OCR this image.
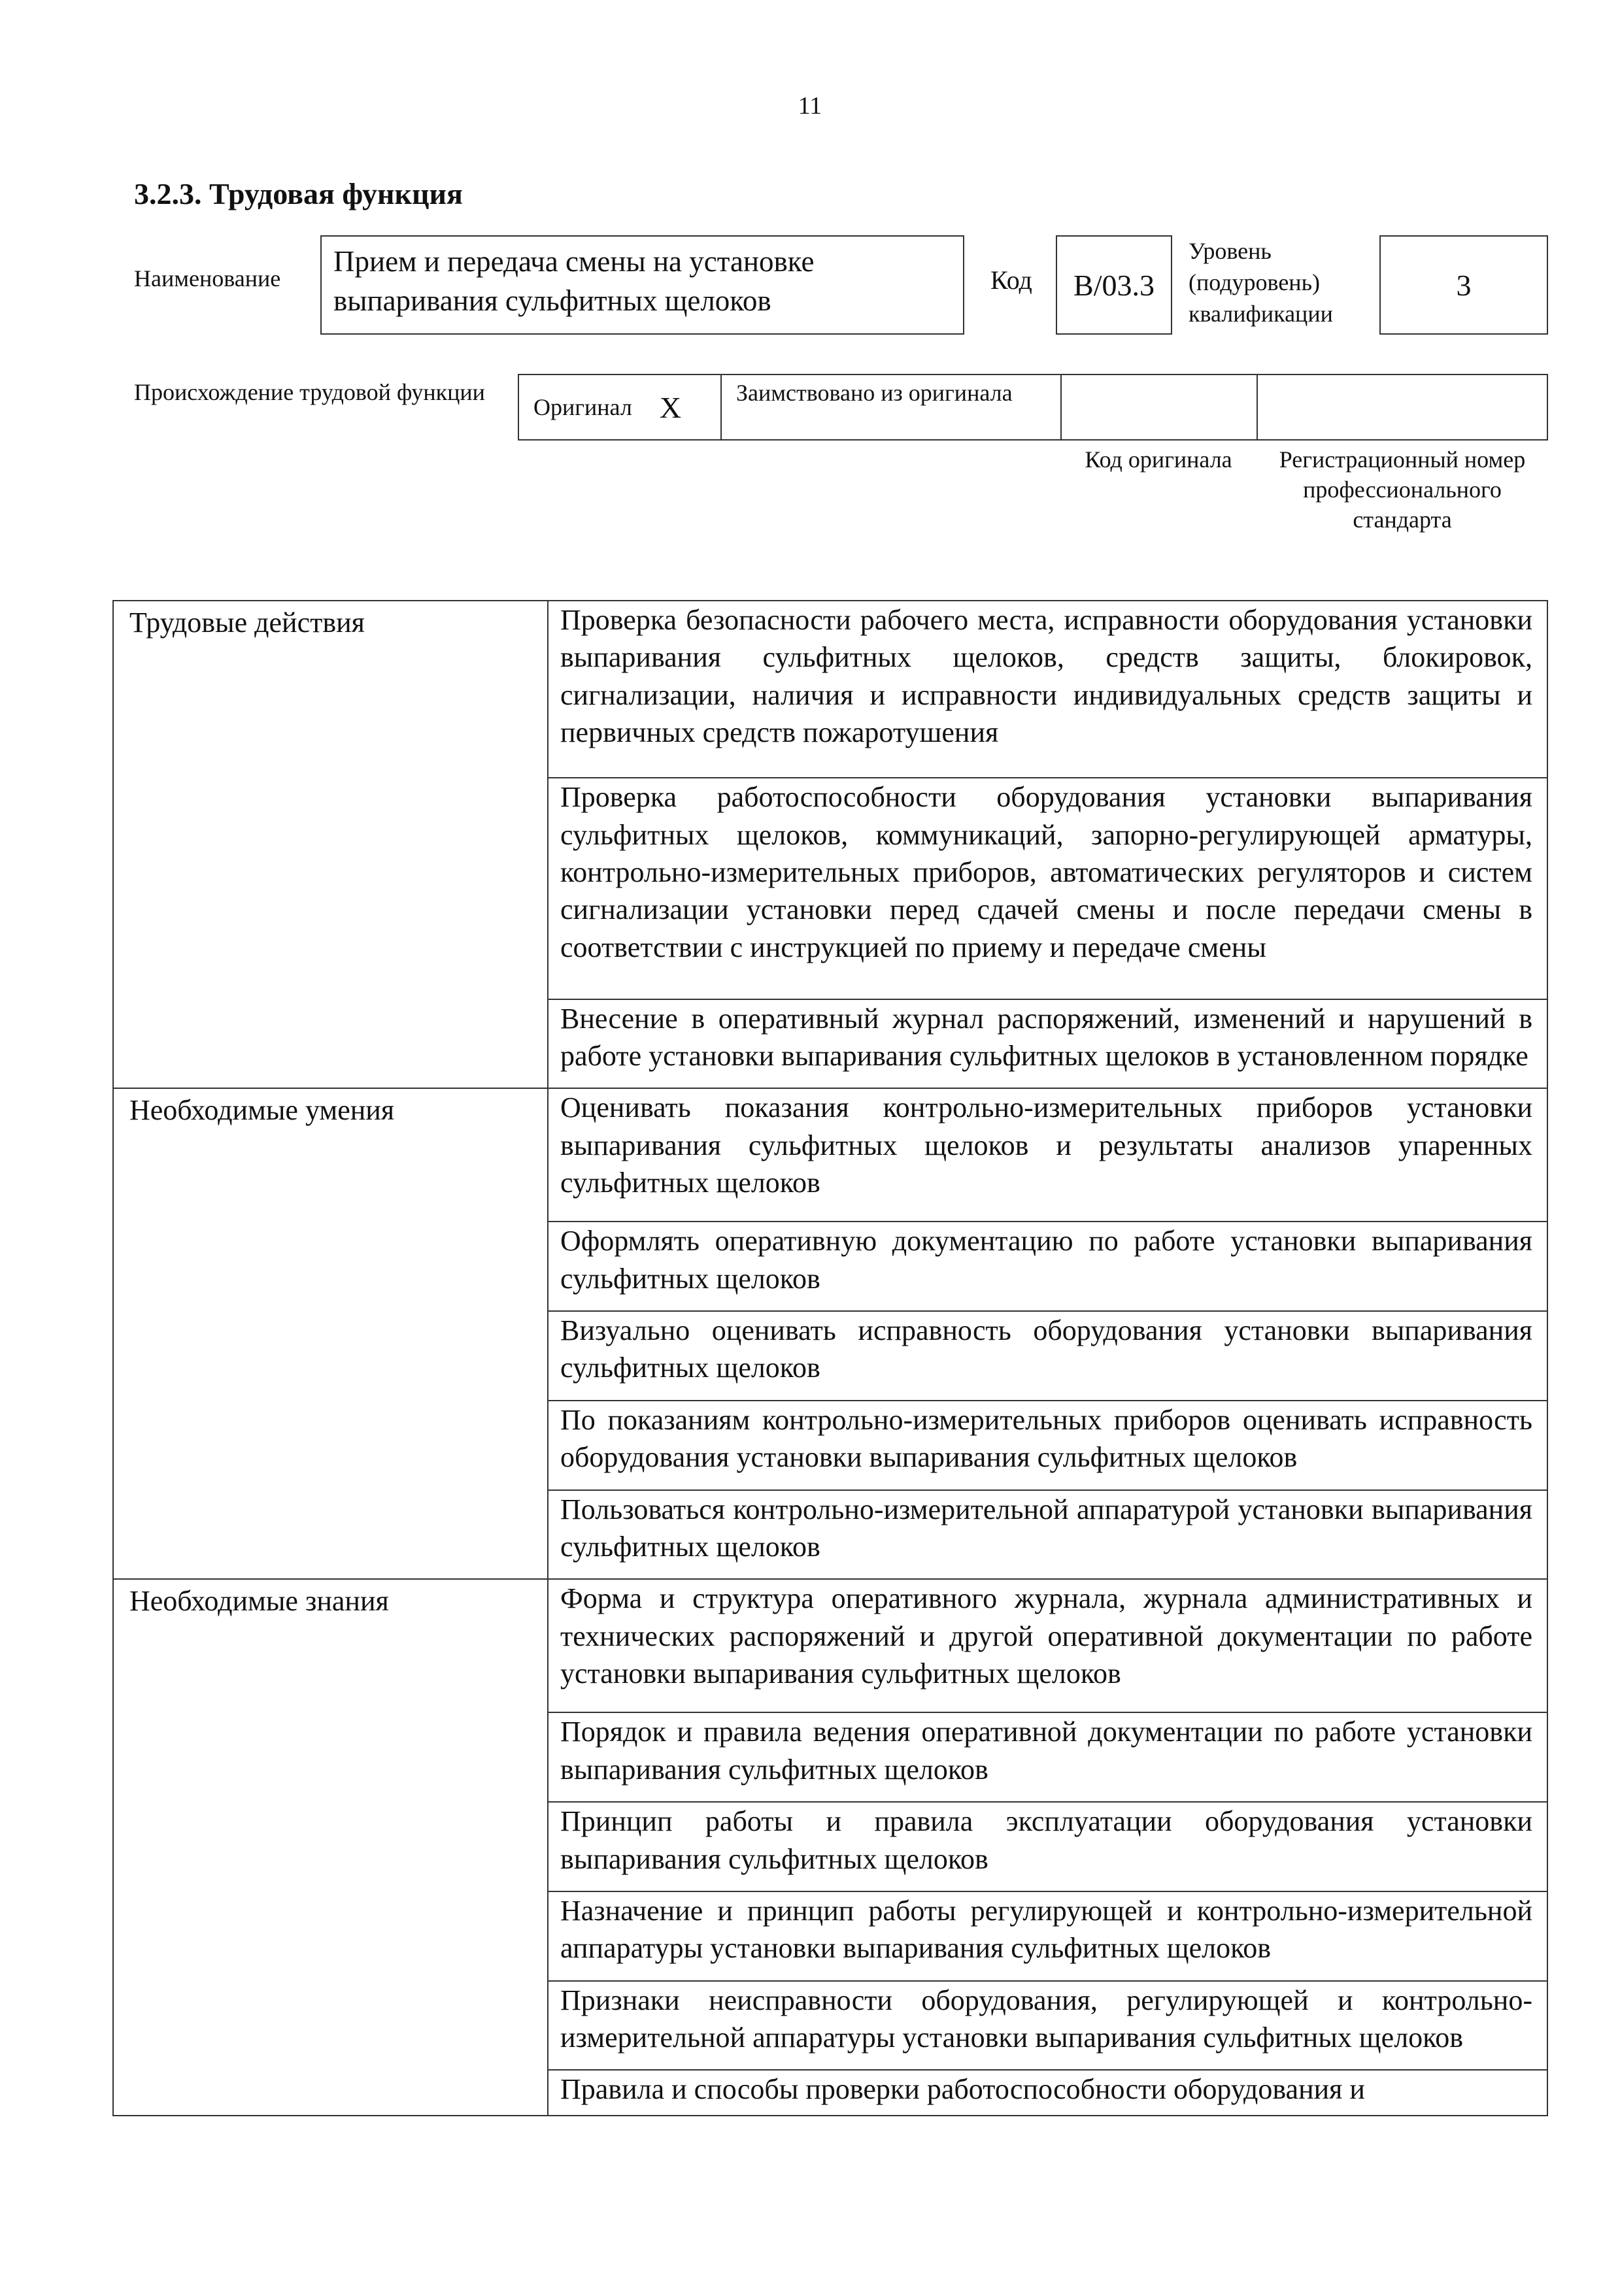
11
3.2.3. Трудовая функция
Наименование
Прием и передача смены на установке выпаривания сульфитных щелоков
Код B/03.3
Уровень (подуровень) квалификации
3
Происхождение трудовой функции
Оригинал X	Заимствовано из оригинала
Код оригинала	Регистрационный номер профессионального стандарта
Трудовые действия	Проверка безопасности рабочего места, исправности оборудования установки выпаривания сульфитных щелоков, средств защиты, блокировок, сигнализации, наличия и исправности индивидуальных средств защиты и первичных средств пожаротушения
	Проверка работоспособности оборудования установки выпаривания сульфитных щелоков, коммуникаций, запорно-регулирующей арматуры, контрольно-измерительных приборов, автоматических регуляторов и систем сигнализации установки перед сдачей смены и после передачи смены в соответствии с инструкцией по приему и передаче смены
	Внесение в оперативный журнал распоряжений, изменений и нарушений в работе установки выпаривания сульфитных щелоков в установленном порядке
Необходимые умения	Оценивать показания контрольно-измерительных приборов установки выпаривания сульфитных щелоков и результаты анализов упаренных сульфитных щелоков
	Оформлять оперативную документацию по работе установки выпаривания сульфитных щелоков
	Визуально оценивать исправность оборудования установки выпаривания сульфитных щелоков
	По показаниям контрольно-измерительных приборов оценивать исправность оборудования установки выпаривания сульфитных щелоков
	Пользоваться контрольно-измерительной аппаратурой установки выпаривания сульфитных щелоков
Необходимые знания	Форма и структура оперативного журнала, журнала административных и технических распоряжений и другой оперативной документации по работе установки выпаривания сульфитных щелоков
	Порядок и правила ведения оперативной документации по работе установки выпаривания сульфитных щелоков
	Принцип работы и правила эксплуатации оборудования установки выпаривания сульфитных щелоков
	Назначение и принцип работы регулирующей и контрольно-измерительной аппаратуры установки выпаривания сульфитных щелоков
	Признаки неисправности оборудования, регулирующей и контрольно-измерительной аппаратуры установки выпаривания сульфитных щелоков
	Правила и способы проверки работоспособности оборудования и
